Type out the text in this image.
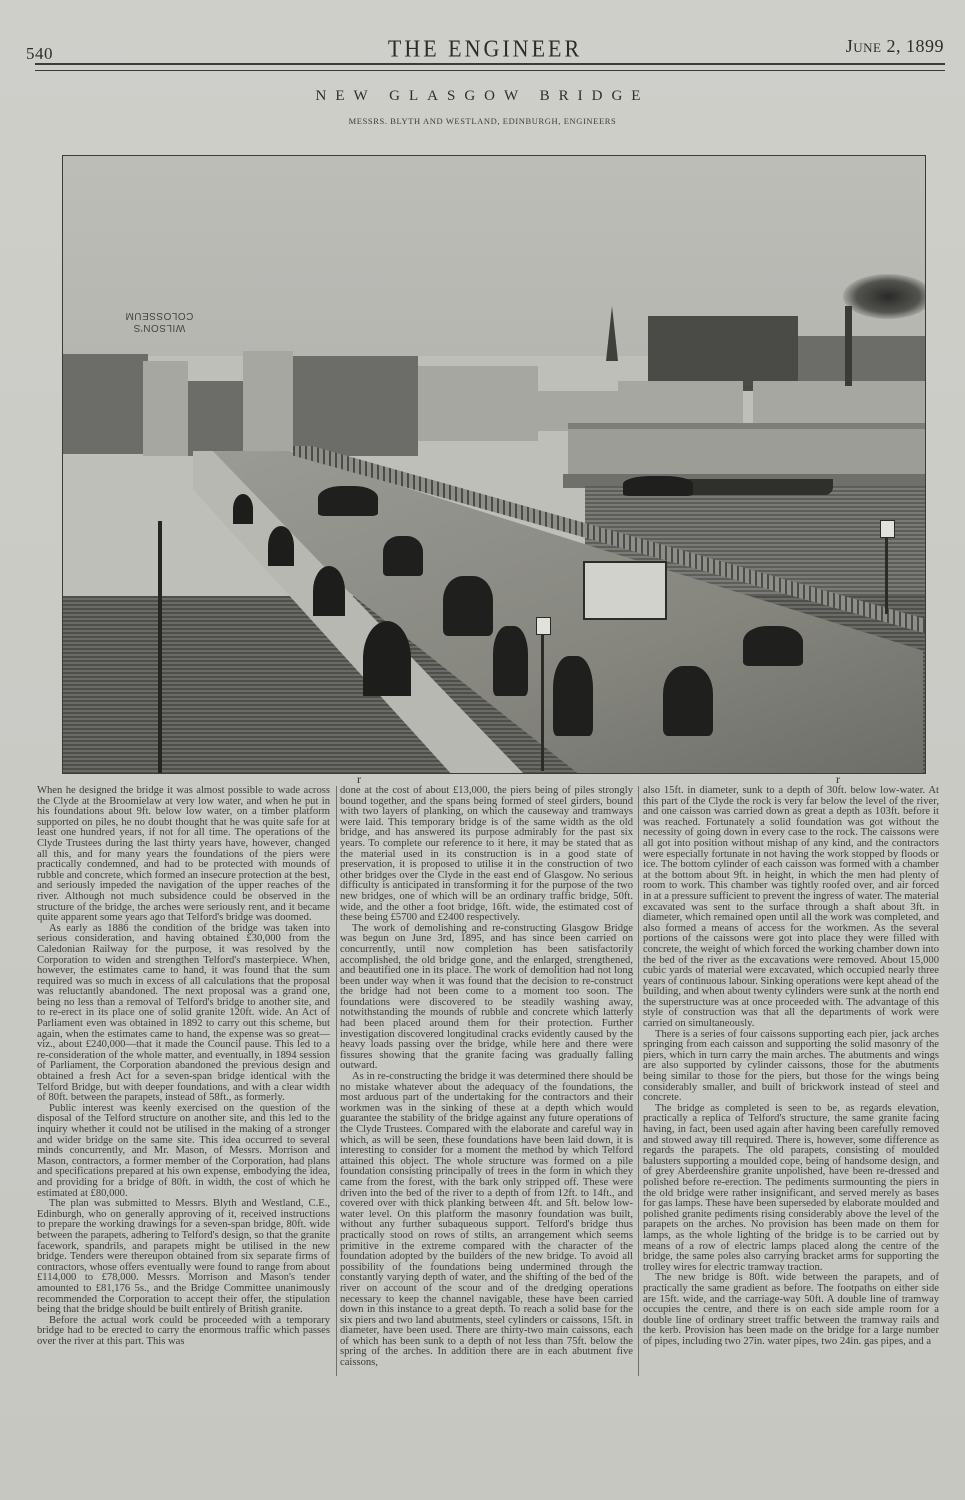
540	THE ENGINEER	June 2, 1899
NEW GLASGOW BRIDGE
MESSRS. BLYTH AND WESTLAND, EDINBURGH, ENGINEERS
WILSON'S
COLOSSEUM
r	r

When he designed the bridge it was almost possible to wade across the Clyde at the Broomielaw at very low water, and when he put in his foundations about 9ft. below low water, on a timber platform supported on piles, he no doubt thought that he was quite safe for at least one hundred years, if not for all time. The operations of the Clyde Trustees during the last thirty years have, however, changed all this, and for many years the foundations of the piers were practically condemned, and had to be protected with mounds of rubble and concrete, which formed an insecure protection at the best, and seriously impeded the navigation of the upper reaches of the river. Although not much subsidence could be observed in the structure of the bridge, the arches were seriously rent, and it became quite apparent some years ago that Telford's bridge was doomed.

As early as 1886 the condition of the bridge was taken into serious consideration, and having obtained £30,000 from the Caledonian Railway for the purpose, it was resolved by the Corporation to widen and strengthen Telford's masterpiece. When, however, the estimates came to hand, it was found that the sum required was so much in excess of all calculations that the proposal was reluctantly abandoned. The next proposal was a grand one, being no less than a removal of Telford's bridge to another site, and to re-erect in its place one of solid granite 120ft. wide. An Act of Parliament even was obtained in 1892 to carry out this scheme, but again, when the estimates came to hand, the expense was so great—viz., about £240,000—that it made the Council pause. This led to a re-consideration of the whole matter, and eventually, in 1894 session of Parliament, the Corporation abandoned the previous design and obtained a fresh Act for a seven-span bridge identical with the Telford Bridge, but with deeper foundations, and with a clear width of 80ft. between the parapets, instead of 58ft., as formerly.

Public interest was keenly exercised on the question of the disposal of the Telford structure on another site, and this led to the inquiry whether it could not be utilised in the making of a stronger and wider bridge on the same site. This idea occurred to several minds concurrently, and Mr. Mason, of Messrs. Morrison and Mason, contractors, a former member of the Corporation, had plans and specifications prepared at his own expense, embodying the idea, and providing for a bridge of 80ft. in width, the cost of which he estimated at £80,000.

The plan was submitted to Messrs. Blyth and Westland, C.E., Edinburgh, who on generally approving of it, received instructions to prepare the working drawings for a seven-span bridge, 80ft. wide between the parapets, adhering to Telford's design, so that the granite facework, spandrils, and parapets might be utilised in the new bridge. Tenders were thereupon obtained from six separate firms of contractors, whose offers eventually were found to range from about £114,000 to £78,000. Messrs. Morrison and Mason's tender amounted to £81,176 5s., and the Bridge Committee unanimously recommended the Corporation to accept their offer, the stipulation being that the bridge should be built entirely of British granite.

Before the actual work could be proceeded with a temporary bridge had to be erected to carry the enormous traffic which passes over the river at this part. This was

done at the cost of about £13,000, the piers being of piles strongly bound together, and the spans being formed of steel girders, bound with two layers of planking, on which the causeway and tramways were laid. This temporary bridge is of the same width as the old bridge, and has answered its purpose admirably for the past six years. To complete our reference to it here, it may be stated that as the material used in its construction is in a good state of preservation, it is proposed to utilise it in the construction of two other bridges over the Clyde in the east end of Glasgow. No serious difficulty is anticipated in transforming it for the purpose of the two new bridges, one of which will be an ordinary traffic bridge, 50ft. wide, and the other a foot bridge, 16ft. wide, the estimated cost of these being £5700 and £2400 respectively.

The work of demolishing and re-constructing Glasgow Bridge was begun on June 3rd, 1895, and has since been carried on concurrently, until now completion has been satisfactorily accomplished, the old bridge gone, and the enlarged, strengthened, and beautified one in its place. The work of demolition had not long been under way when it was found that the decision to re-construct the bridge had not been come to a moment too soon. The foundations were discovered to be steadily washing away, notwithstanding the mounds of rubble and concrete which latterly had been placed around them for their protection. Further investigation discovered longitudinal cracks evidently caused by the heavy loads passing over the bridge, while here and there were fissures showing that the granite facing was gradually falling outward.

As in re-constructing the bridge it was determined there should be no mistake whatever about the adequacy of the foundations, the most arduous part of the undertaking for the contractors and their workmen was in the sinking of these at a depth which would guarantee the stability of the bridge against any future operations of the Clyde Trustees. Compared with the elaborate and careful way in which, as will be seen, these foundations have been laid down, it is interesting to consider for a moment the method by which Telford attained this object. The whole structure was formed on a pile foundation consisting principally of trees in the form in which they came from the forest, with the bark only stripped off. These were driven into the bed of the river to a depth of from 12ft. to 14ft., and covered over with thick planking between 4ft. and 5ft. below low-water level. On this platform the masonry foundation was built, without any further subaqueous support. Telford's bridge thus practically stood on rows of stilts, an arrangement which seems primitive in the extreme compared with the character of the foundation adopted by the builders of the new bridge. To avoid all possibility of the foundations being undermined through the constantly varying depth of water, and the shifting of the bed of the river on account of the scour and of the dredging operations necessary to keep the channel navigable, these have been carried down in this instance to a great depth. To reach a solid base for the six piers and two land abutments, steel cylinders or caissons, 15ft. in diameter, have been used. There are thirty-two main caissons, each of which has been sunk to a depth of not less than 75ft. below the spring of the arches. In addition there are in each abutment five caissons,

also 15ft. in diameter, sunk to a depth of 30ft. below low-water. At this part of the Clyde the rock is very far below the level of the river, and one caisson was carried down as great a depth as 103ft. before it was reached. Fortunately a solid foundation was got without the necessity of going down in every case to the rock. The caissons were all got into position without mishap of any kind, and the contractors were especially fortunate in not having the work stopped by floods or ice. The bottom cylinder of each caisson was formed with a chamber at the bottom about 9ft. in height, in which the men had plenty of room to work. This chamber was tightly roofed over, and air forced in at a pressure sufficient to prevent the ingress of water. The material excavated was sent to the surface through a shaft about 3ft. in diameter, which remained open until all the work was completed, and also formed a means of access for the workmen. As the several portions of the caissons were got into place they were filled with concrete, the weight of which forced the working chamber down into the bed of the river as the excavations were removed. About 15,000 cubic yards of material were excavated, which occupied nearly three years of continuous labour. Sinking operations were kept ahead of the building, and when about twenty cylinders were sunk at the north end the superstructure was at once proceeded with. The advantage of this style of construction was that all the departments of work were carried on simultaneously.

There is a series of four caissons supporting each pier, jack arches springing from each caisson and supporting the solid masonry of the piers, which in turn carry the main arches. The abutments and wings are also supported by cylinder caissons, those for the abutments being similar to those for the piers, but those for the wings being considerably smaller, and built of brickwork instead of steel and concrete.

The bridge as completed is seen to be, as regards elevation, practically a replica of Telford's structure, the same granite facing having, in fact, been used again after having been carefully removed and stowed away till required. There is, however, some difference as regards the parapets. The old parapets, consisting of moulded balusters supporting a moulded cope, being of handsome design, and of grey Aberdeenshire granite unpolished, have been re-dressed and polished before re-erection. The pediments surmounting the piers in the old bridge were rather insignificant, and served merely as bases for gas lamps. These have been superseded by elaborate moulded and polished granite pediments rising considerably above the level of the parapets on the arches. No provision has been made on them for lamps, as the whole lighting of the bridge is to be carried out by means of a row of electric lamps placed along the centre of the bridge, the same poles also carrying bracket arms for supporting the trolley wires for electric tramway traction.

The new bridge is 80ft. wide between the parapets, and of practically the same gradient as before. The footpaths on either side are 15ft. wide, and the carriage-way 50ft. A double line of tramway occupies the centre, and there is on each side ample room for a double line of ordinary street traffic between the tramway rails and the kerb. Provision has been made on the bridge for a large number of pipes, including two 27in. water pipes, two 24in. gas pipes, and a
